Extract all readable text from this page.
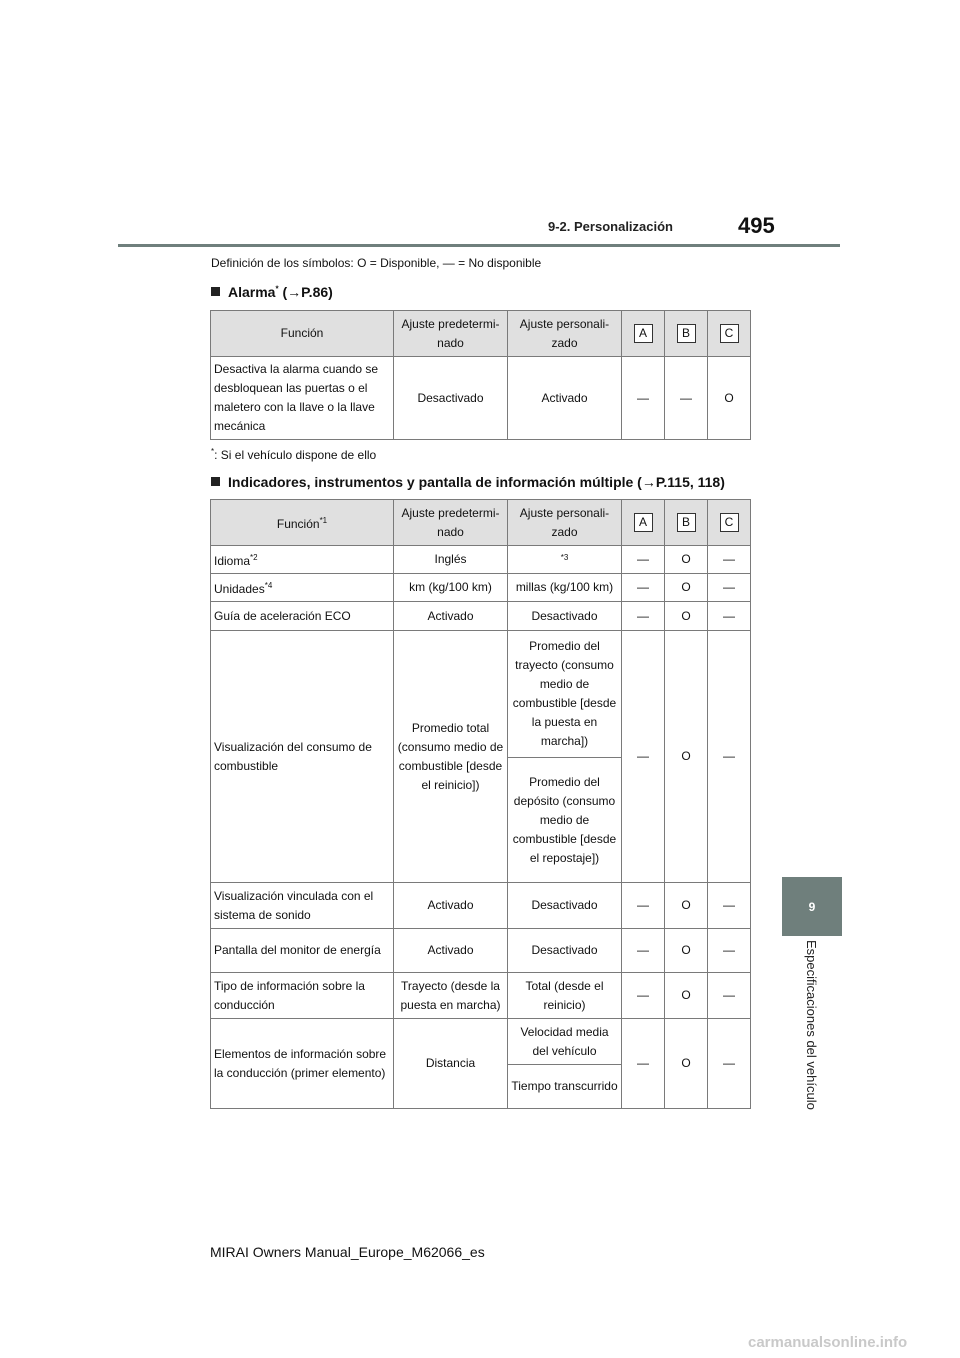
9-2. Personalización	495
9
Especificaciones del vehículo
Definición de los símbolos: O = Disponible, — = No disponible
Alarma* (→P.86)
Función	Ajuste predetermi-nado	Ajuste personali-zado	A	B	C
Desactiva la alarma cuando se desbloquean las puertas o el maletero con la llave o la llave mecánica	Desactivado	Activado	—	—	O
*: Si el vehículo dispone de ello
Indicadores, instrumentos y pantalla de información múltiple (→P.115, 118)
Función$^{*1}$	Ajuste predetermi-nado	Ajuste personali-zado	A	B	C
Idioma$^{*2}$	Inglés	$^{*3}$	—	O	—
Unidades$^{*4}$	km (kg/100 km)	millas (kg/100 km)	—	O	—
Guía de aceleración ECO	Activado	Desactivado	—	O	—
Visualización del consumo de combustible	Promedio total (consumo medio de combustible [desde el reinicio])	Promedio del trayecto (consumo medio de combustible [desde la puesta en marcha])	—	O	—
		Promedio del depósito (consumo medio de combustible [desde el repostaje])			
Visualización vinculada con el sistema de sonido	Activado	Desactivado	—	O	—
Pantalla del monitor de energía	Activado	Desactivado	—	O	—
Tipo de información sobre la conducción	Trayecto (desde la puesta en marcha)	Total (desde el reinicio)	—	O	—
Elementos de información sobre la conducción (primer elemento)	Distancia	Velocidad media del vehículo	—	O	—
		Tiempo transcurrido			
MIRAI Owners Manual_Europe_M62066_es
carmanualsonline.info
